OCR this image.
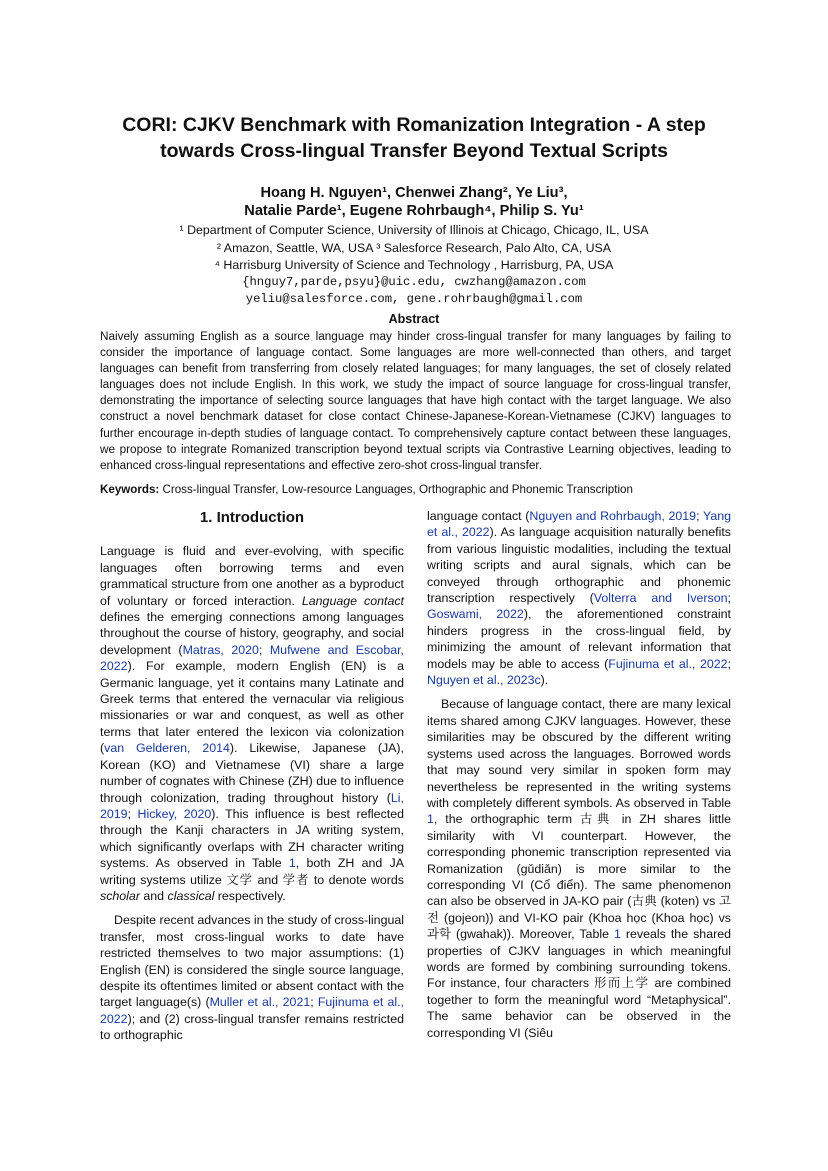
CORI: CJKV Benchmark with Romanization Integration - A step
towards Cross-lingual Transfer Beyond Textual Scripts
Hoang H. Nguyen¹, Chenwei Zhang², Ye Liu³,
Natalie Parde¹, Eugene Rohrbaugh⁴, Philip S. Yu¹
¹ Department of Computer Science, University of Illinois at Chicago, Chicago, IL, USA
² Amazon, Seattle, WA, USA ³ Salesforce Research, Palo Alto, CA, USA
⁴ Harrisburg University of Science and Technology , Harrisburg, PA, USA
{hnguy7,parde,psyu}@uic.edu, cwzhang@amazon.com
yeliu@salesforce.com, gene.rohrbaugh@gmail.com
Abstract
Naively assuming English as a source language may hinder cross-lingual transfer for many languages by failing to consider the importance of language contact. Some languages are more well-connected than others, and target languages can benefit from transferring from closely related languages; for many languages, the set of closely related languages does not include English. In this work, we study the impact of source language for cross-lingual transfer, demonstrating the importance of selecting source languages that have high contact with the target language. We also construct a novel benchmark dataset for close contact Chinese-Japanese-Korean-Vietnamese (CJKV) languages to further encourage in-depth studies of language contact. To comprehensively capture contact between these languages, we propose to integrate Romanized transcription beyond textual scripts via Contrastive Learning objectives, leading to enhanced cross-lingual representations and effective zero-shot cross-lingual transfer.
Keywords: Cross-lingual Transfer, Low-resource Languages, Orthographic and Phonemic Transcription
1. Introduction

Language is fluid and ever-evolving, with specific languages often borrowing terms and even grammatical structure from one another as a byproduct of voluntary or forced interaction. Language contact defines the emerging connections among languages throughout the course of history, geography, and social development (Matras, 2020; Mufwene and Escobar, 2022). For example, modern English (EN) is a Germanic language, yet it contains many Latinate and Greek terms that entered the vernacular via religious missionaries or war and conquest, as well as other terms that later entered the lexicon via colonization (van Gelderen, 2014). Likewise, Japanese (JA), Korean (KO) and Vietnamese (VI) share a large number of cognates with Chinese (ZH) due to influence through colonization, trading throughout history (Li, 2019; Hickey, 2020). This influence is best reflected through the Kanji characters in JA writing system, which significantly overlaps with ZH character writing systems. As observed in Table 1, both ZH and JA writing systems utilize 文学 and 学者 to denote words scholar and classical respectively.

Despite recent advances in the study of cross-lingual transfer, most cross-lingual works to date have restricted themselves to two major assumptions: (1) English (EN) is considered the single source language, despite its oftentimes limited or absent contact with the target language(s) (Muller et al., 2021; Fujinuma et al., 2022); and (2) cross-lingual transfer remains restricted to orthographic

language contact (Nguyen and Rohrbaugh, 2019; Yang et al., 2022). As language acquisition naturally benefits from various linguistic modalities, including the textual writing scripts and aural signals, which can be conveyed through orthographic and phonemic transcription respectively (Volterra and Iverson; Goswami, 2022), the aforementioned constraint hinders progress in the cross-lingual field, by minimizing the amount of relevant information that models may be able to access (Fujinuma et al., 2022; Nguyen et al., 2023c).

Because of language contact, there are many lexical items shared among CJKV languages. However, these similarities may be obscured by the different writing systems used across the languages. Borrowed words that may sound very similar in spoken form may nevertheless be represented in the writing systems with completely different symbols. As observed in Table 1, the orthographic term 古典 in ZH shares little similarity with VI counterpart. However, the corresponding phonemic transcription represented via Romanization (gǔdiǎn) is more similar to the corresponding VI (Cổ điển). The same phenomenon can also be observed in JA-KO pair (古典 (koten) vs 고전 (gojeon)) and VI-KO pair (Khoa học (Khoa học) vs 과학 (gwahak)). Moreover, Table 1 reveals the shared properties of CJKV languages in which meaningful words are formed by combining surrounding tokens. For instance, four characters 形而上学 are combined together to form the meaningful word “Metaphysical”. The same behavior can be observed in the corresponding VI (Siêu
